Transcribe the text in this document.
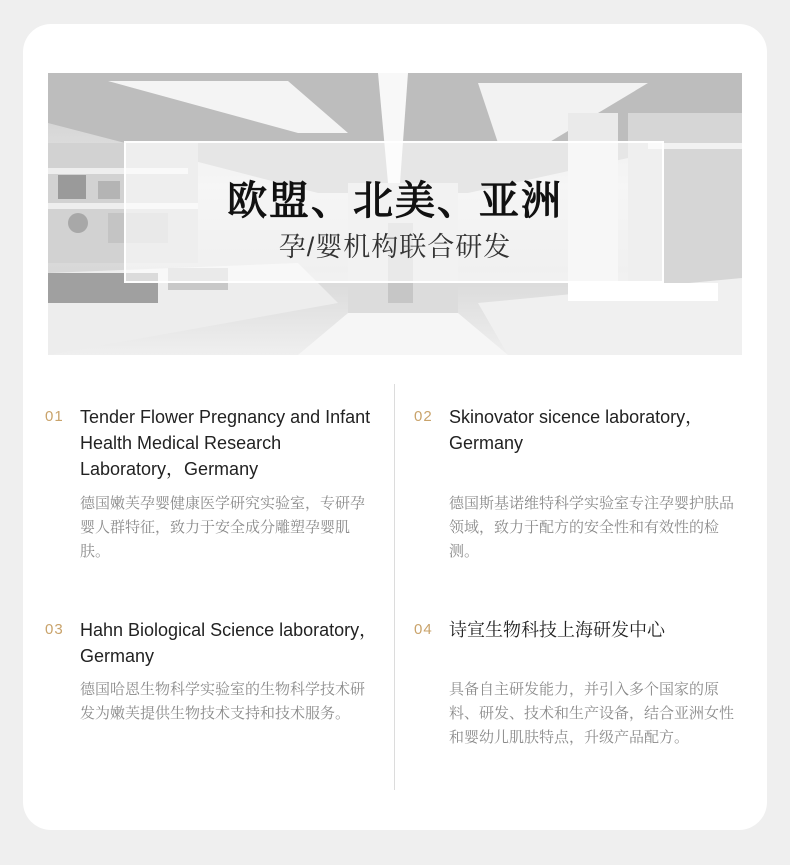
欧盟、北美、亚洲
孕/婴机构联合研发
01 Tender Flower Pregnancy and Infant Health Medical Research Laboratory，Germany
德国嫩芙孕婴健康医学研究实验室，专研孕婴人群特征，致力于安全成分雕塑孕婴肌肤。
02 Skinovator sicence laboratory，Germany
德国斯基诺维特科学实验室专注孕婴护肤品领域，致力于配方的安全性和有效性的检测。
03 Hahn Biological Science laboratory，Germany
德国哈恩生物科学实验室的生物科学技术研发为嫩芙提供生物技术支持和技术服务。
04 诗宣生物科技上海研发中心
具备自主研发能力，并引入多个国家的原料、研发、技术和生产设备，结合亚洲女性和婴幼儿肌肤特点，升级产品配方。
